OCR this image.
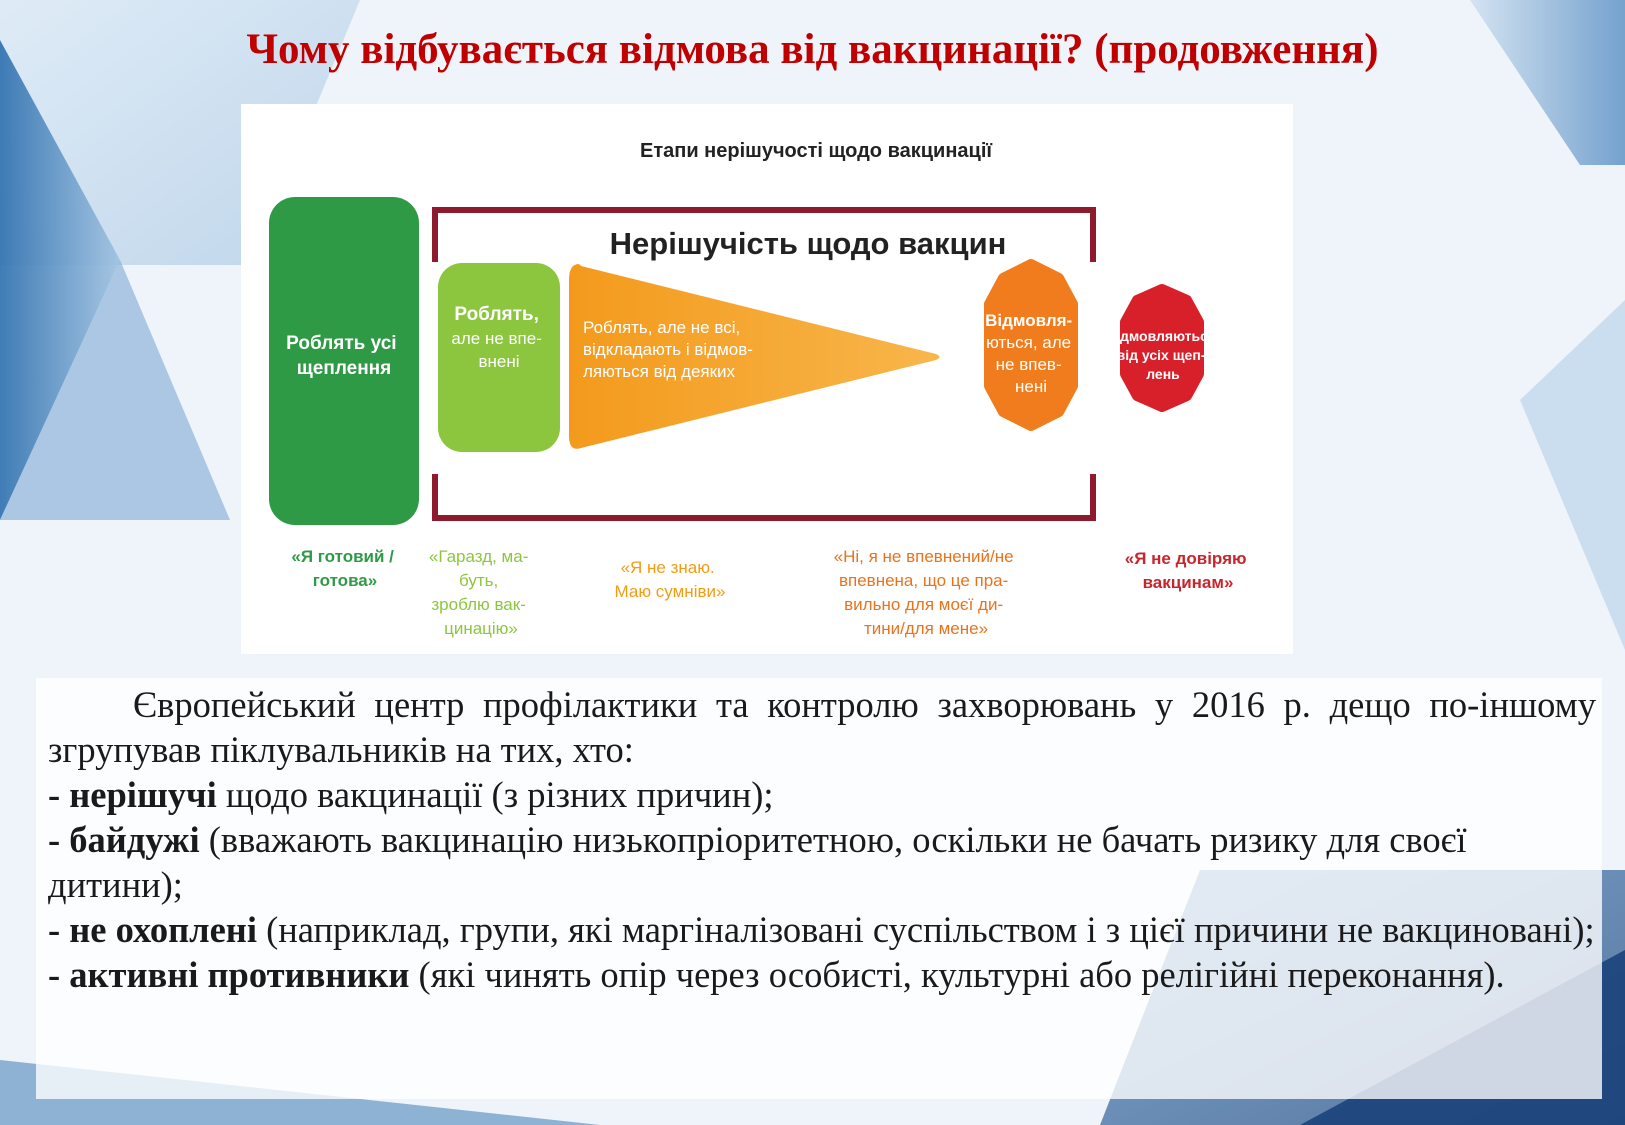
Чому відбувається відмова від вакцинації? (продовження)
Етапи нерішучості щодо вакцинації
Нерішучість щодо вакцин
Роблять усі щеплення
Роблять, але не впе- внені
Роблять, але не всі, відкладають і відмов- ляються від деяких
Відмовля- ються, але не впев- нені
Відмовляються від усіх щеп- лень
«Я готовий / готова»
«Гаразд, ма- буть, зроблю вак- цинацію»
«Я не знаю. Маю сумніви»
«Ні, я не впевнений/не впевнена, що це пра- вильно для моєї ди- тини/для мене»
«Я не довіряю вакцинам»

Європейський центр профілактики та контролю захворювань у 2016 р. дещо по-іншому згрупував піклувальників на тих, хто:

- нерішучі щодо вакцинації (з різних причин);

- байдужі (вважають вакцинацію низькопріоритетною, оскільки не бачать ризику для своєї дитини);

- не охоплені (наприклад, групи, які маргіналізовані суспільством і з цієї причини не вакциновані);

- активні противники (які чинять опір через особисті, культурні або релігійні переконання).
